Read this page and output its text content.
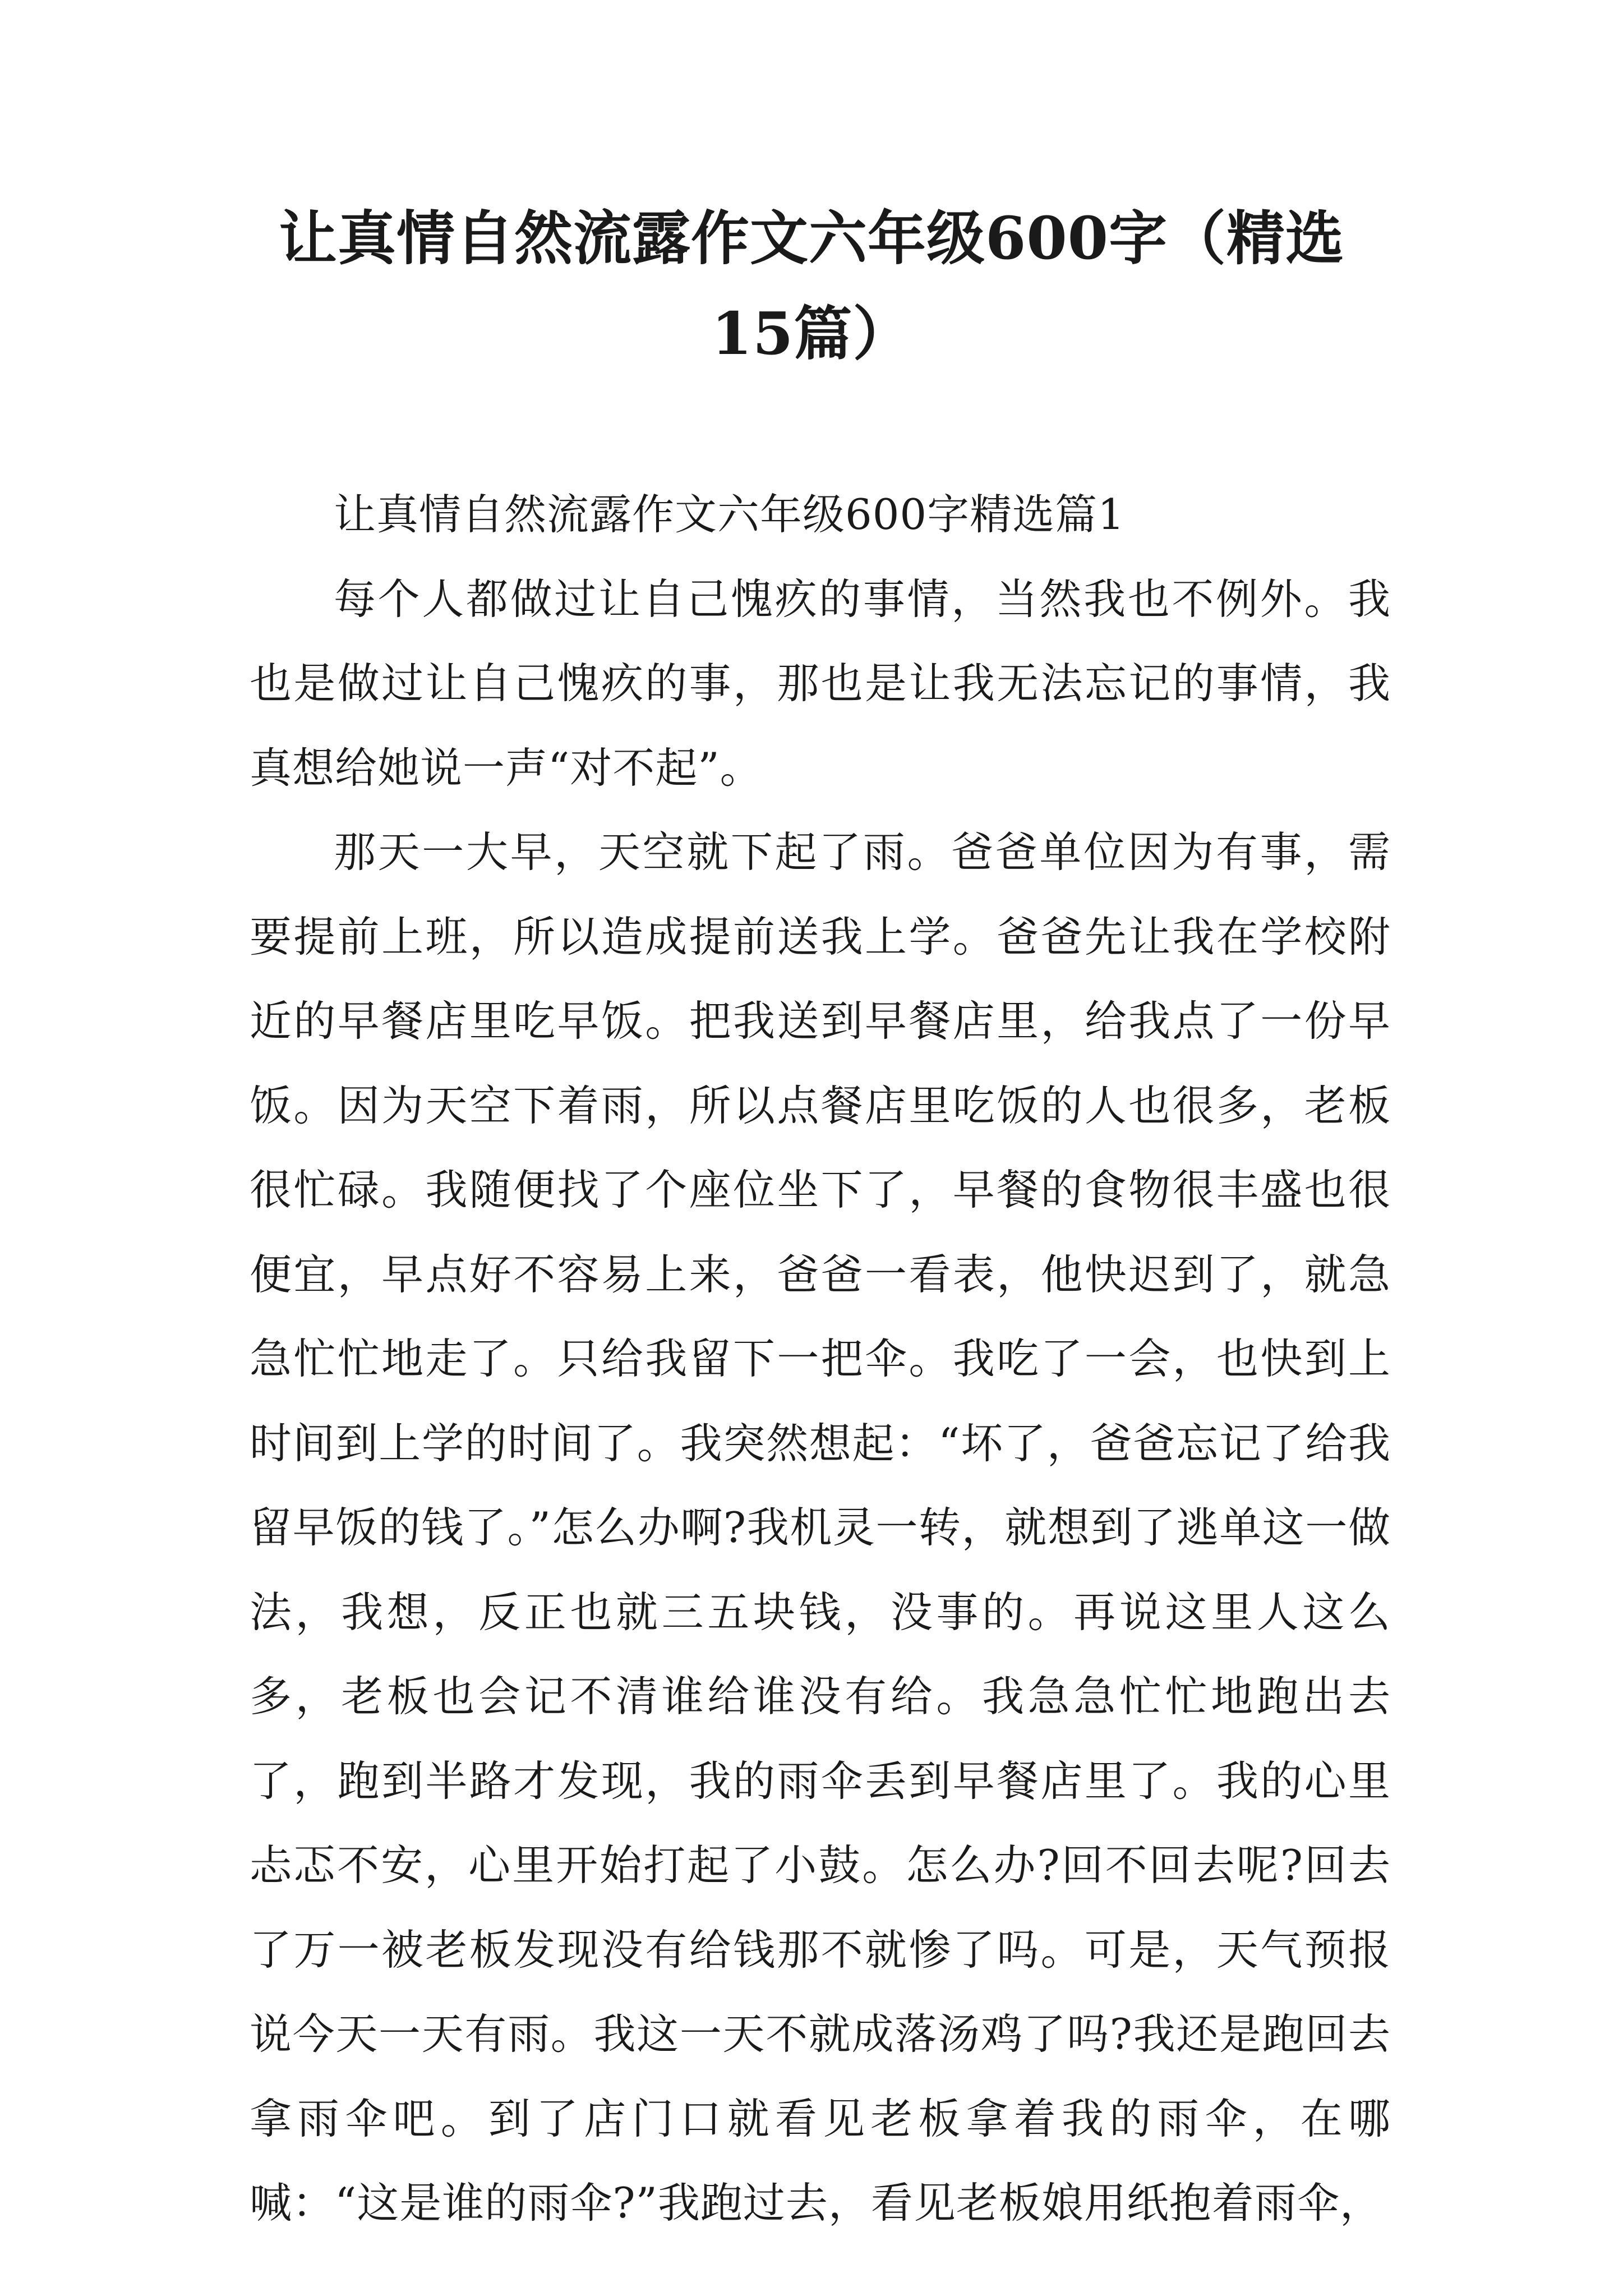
让真情自然流露作文六年级600字（精选15篇）

让真情自然流露作文六年级600字精选篇1

每个人都做过让自己愧疚的事情，当然我也不例外。我也是做过让自己愧疚的事，那也是让我无法忘记的事情，我真想给她说一声“对不起”。

那天一大早，天空就下起了雨。爸爸单位因为有事，需要提前上班，所以造成提前送我上学。爸爸先让我在学校附近的早餐店里吃早饭。把我送到早餐店里，给我点了一份早饭。因为天空下着雨，所以点餐店里吃饭的人也很多，老板很忙碌。我随便找了个座位坐下了，早餐的食物很丰盛也很便宜，早点好不容易上来，爸爸一看表，他快迟到了，就急急忙忙地走了。只给我留下一把伞。我吃了一会，也快到上时间到上学的时间了。我突然想起：“坏了，爸爸忘记了给我留早饭的钱了。”怎么办啊?我机灵一转，就想到了逃单这一做法，我想，反正也就三五块钱，没事的。再说这里人这么多，老板也会记不清谁给谁没有给。我急急忙忙地跑出去了，跑到半路才发现，我的雨伞丢到早餐店里了。我的心里忐忑不安，心里开始打起了小鼓。怎么办?回不回去呢?回去了万一被老板发现没有给钱那不就惨了吗。可是，天气预报说今天一天有雨。我这一天不就成落汤鸡了吗?我还是跑回去拿雨伞吧。到了店门口就看见老板拿着我的雨伞，在哪喊：“这是谁的雨伞?”我跑过去，看见老板娘用纸抱着雨伞，
